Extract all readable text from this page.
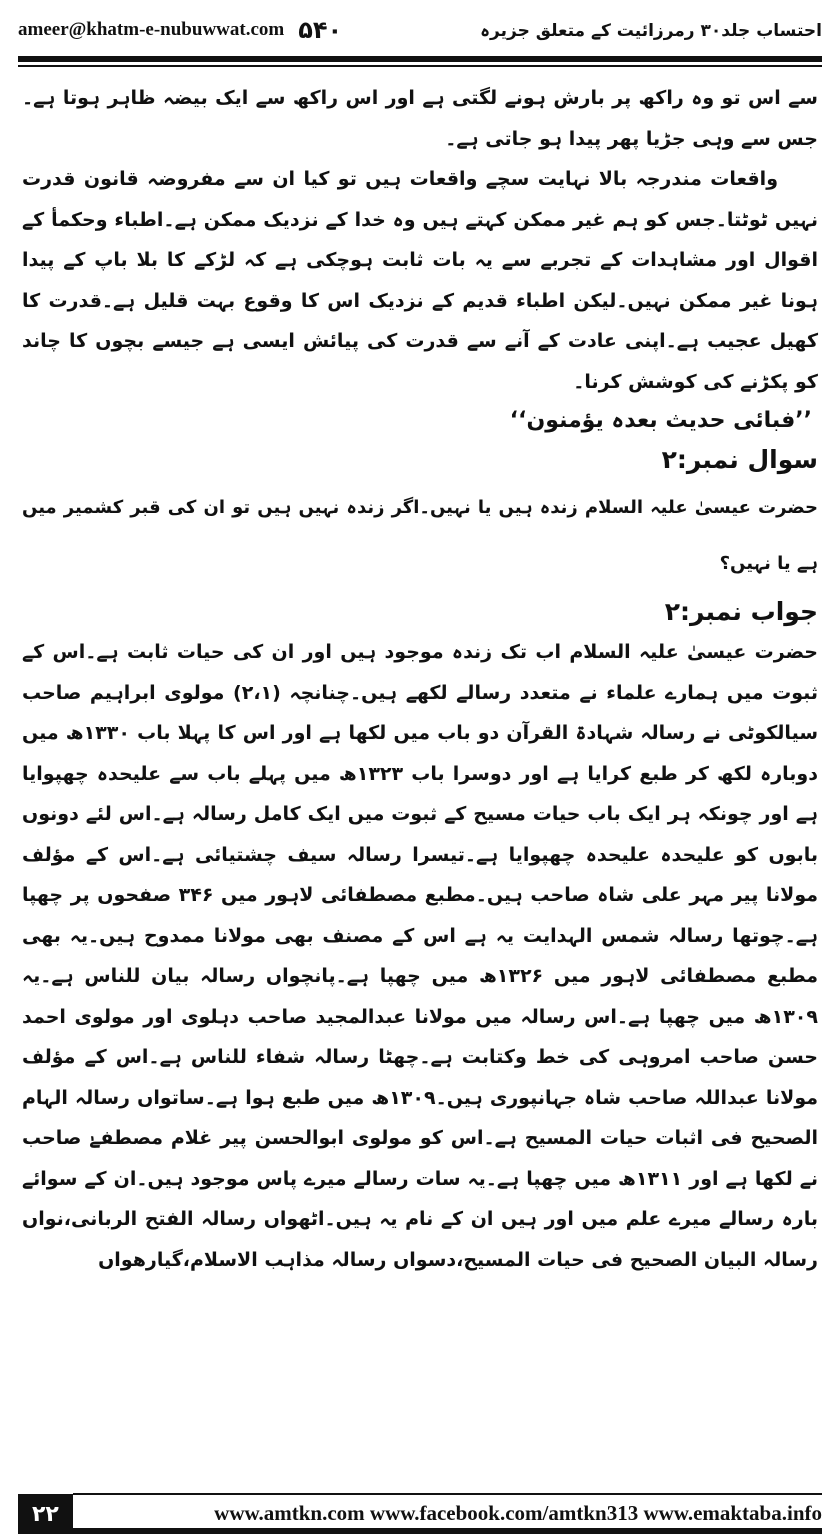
ameer@khatm-e-nubuwwat.com ۵۴۰	احتساب جلد۳۰ رمرزائیت کے متعلق جزیرہ

سے اس تو وہ راکھ پر بارش ہونے لگتی ہے اور اس راکھ سے ایک بیضہ ظاہر ہوتا ہے۔جس سے وہی جڑیا پھر پیدا ہو جاتی ہے۔

واقعات مندرجہ بالا نہایت سچے واقعات ہیں تو کیا ان سے مفروضہ قانون قدرت نہیں ٹوٹتا۔جس کو ہم غیر ممکن کہتے ہیں وہ خدا کے نزدیک ممکن ہے۔اطباء وحکمأ کے اقوال اور مشاہدات کے تجربے سے یہ بات ثابت ہوچکی ہے کہ لڑکے کا بلا باپ کے پیدا ہونا غیر ممکن نہیں۔لیکن اطباء قدیم کے نزدیک اس کا وقوع بہت قلیل ہے۔قدرت کا کھیل عجیب ہے۔اپنی عادت کے آنے سے قدرت کی پیائش ایسی ہے جیسے بچوں کا چاند کو پکڑنے کی کوشش کرنا۔

’’فبائی حدیث بعدہ یؤمنون‘‘
سوال نمبر:۲
حضرت عیسیٰ علیہ السلام زندہ ہیں یا نہیں۔اگر زندہ نہیں ہیں تو ان کی قبر کشمیر میں ہے یا نہیں؟
جواب نمبر:۲

حضرت عیسیٰ علیہ السلام اب تک زندہ موجود ہیں اور ان کی حیات ثابت ہے۔اس کے ثبوت میں ہمارے علماء نے متعدد رسالے لکھے ہیں۔چنانچہ (۲،۱) مولوی ابراہیم صاحب سیالکوٹی نے رسالہ شہادۃ القرآن دو باب میں لکھا ہے اور اس کا پہلا باب ۱۳۳۰ھ میں دوبارہ لکھ کر طبع کرایا ہے اور دوسرا باب ۱۳۲۳ھ میں پہلے باب سے علیحدہ چھپوایا ہے اور چونکہ ہر ایک باب حیات مسیح کے ثبوت میں ایک کامل رسالہ ہے۔اس لئے دونوں بابوں کو علیحدہ علیحدہ چھپوایا ہے۔تیسرا رسالہ سیف چشتیائی ہے۔اس کے مؤلف مولانا پیر مہر علی شاہ صاحب ہیں۔مطبع مصطفائی لاہور میں ۳۴۶ صفحوں پر چھپا ہے۔چوتھا رسالہ شمس الہدایت یہ ہے اس کے مصنف بھی مولانا ممدوح ہیں۔یہ بھی مطبع مصطفائی لاہور میں ۱۳۲۶ھ میں چھپا ہے۔پانچواں رسالہ بیان للناس ہے۔یہ ۱۳۰۹ھ میں چھپا ہے۔اس رسالہ میں مولانا عبدالمجید صاحب دہلوی اور مولوی احمد حسن صاحب امروہی کی خط وکتابت ہے۔چھٹا رسالہ شفاء للناس ہے۔اس کے مؤلف مولانا عبداللہ صاحب شاہ جہانپوری ہیں۔۱۳۰۹ھ میں طبع ہوا ہے۔ساتواں رسالہ الہام الصحیح فی اثبات حیات المسیح ہے۔اس کو مولوی ابوالحسن پیر غلام مصطفےٰ صاحب نے لکھا ہے اور ۱۳۱۱ھ میں چھپا ہے۔یہ سات رسالے میرے پاس موجود ہیں۔ان کے سوائے بارہ رسالے میرے علم میں اور ہیں ان کے نام یہ ہیں۔اٹھواں رسالہ الفتح الربانی،نواں رسالہ البیان الصحیح فی حیات المسیح،دسواں رسالہ مذاہب الاسلام،گیارھواں

۲۲	www.amtkn.com www.facebook.com/amtkn313 www.emaktaba.info
